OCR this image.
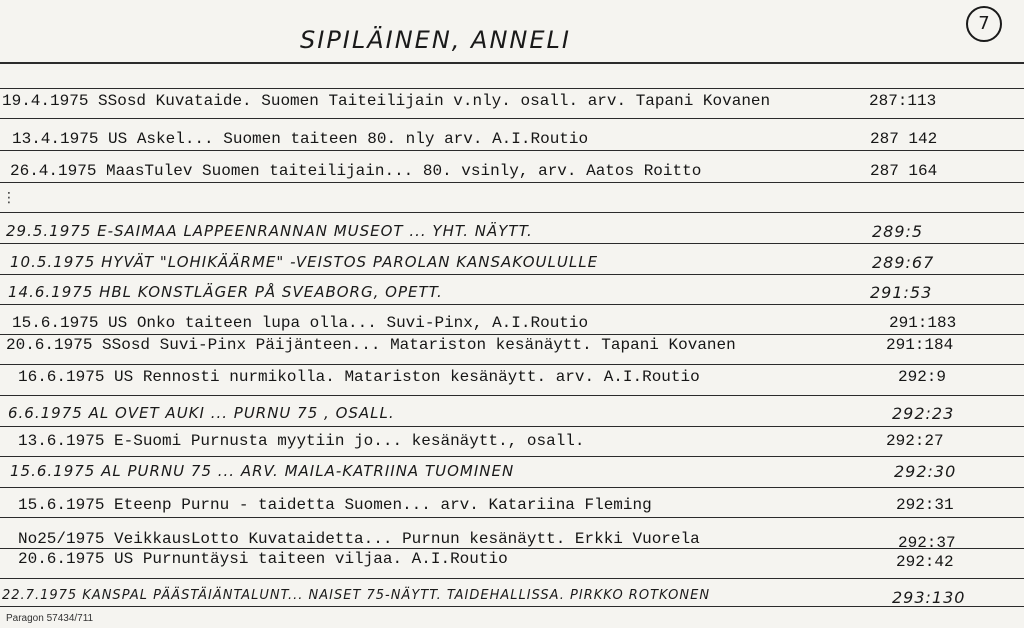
7
SIPILÄINEN, ANNELI
⋮
19.4.1975 SSosd Kuvataide. Suomen Taiteilijain v.nly. osall. arv. Tapani Kovanen	287:113
13.4.1975 US Askel... Suomen taiteen 80. nly arv. A.I.Routio	287 142
26.4.1975 MaasTulev Suomen taiteilijain... 80. vsinly, arv. Aatos Roitto	287 164
29.5.1975 E-SAIMAA LAPPEENRANNAN MUSEOT ... YHT. NÄYTT.	289:5
10.5.1975 HYVÄT "LOHIKÄÄRME" -VEISTOS PAROLAN KANSAKOULULLE	289:67
14.6.1975 HBL KONSTLÄGER PÅ SVEABORG, OPETT.	291:53
15.6.1975 US Onko taiteen lupa olla... Suvi-Pinx, A.I.Routio	291:183
20.6.1975 SSosd Suvi-Pinx Päijänteen... Matariston kesänäytt. Tapani Kovanen	291:184
16.6.1975 US Rennosti nurmikolla. Matariston kesänäytt. arv. A.I.Routio	292:9
6.6.1975 AL OVET AUKI ... PURNU 75 , OSALL.	292:23
13.6.1975 E-Suomi Purnusta myytiin jo... kesänäytt., osall.	292:27
15.6.1975 AL PURNU 75 ... ARV. MAILA-KATRIINA TUOMINEN	292:30
15.6.1975 Eteenp Purnu - taidetta Suomen... arv. Katariina Fleming	292:31
No25/1975 VeikkausLotto Kuvataidetta... Purnun kesänäytt. Erkki Vuorela	292:37
20.6.1975 US Purnuntäysi taiteen viljaa. A.I.Routio	292:42
22.7.1975 KANSPAL PÄÄSTÄIÄNTALUNT... NAISET 75-NÄYTT. TAIDEHALLISSA. PIRKKO ROTKONEN	293:130
Paragon 57434/711
